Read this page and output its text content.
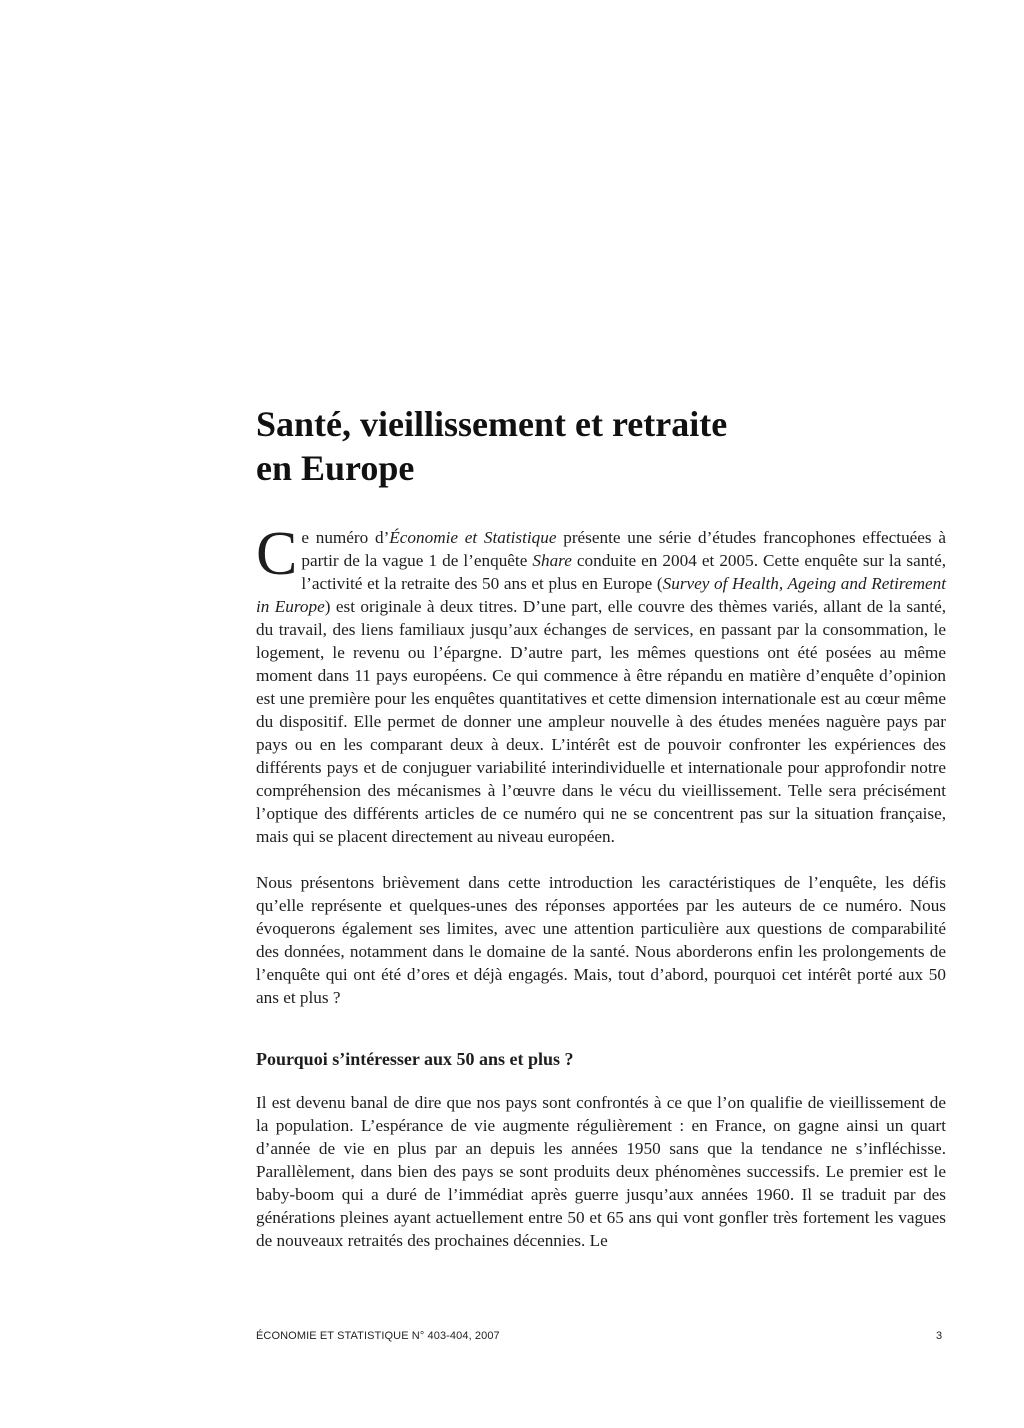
Santé, vieillissement et retraite
en Europe

Ce numéro d’Économie et Statistique présente une série d’études francophones effectuées à partir de la vague 1 de l’enquête Share conduite en 2004 et 2005. Cette enquête sur la santé, l’activité et la retraite des 50 ans et plus en Europe (Survey of Health, Ageing and Retirement in Europe) est originale à deux titres. D’une part, elle couvre des thèmes variés, allant de la santé, du travail, des liens familiaux jusqu’aux échanges de services, en passant par la consommation, le logement, le revenu ou l’épargne. D’autre part, les mêmes questions ont été posées au même moment dans 11 pays européens. Ce qui commence à être répandu en matière d’enquête d’opinion est une première pour les enquêtes quantitatives et cette dimension internationale est au cœur même du dispositif. Elle permet de donner une ampleur nouvelle à des études menées naguère pays par pays ou en les comparant deux à deux. L’intérêt est de pouvoir confronter les expériences des différents pays et de conjuguer variabilité interindividuelle et internationale pour approfondir notre compréhension des mécanismes à l’œuvre dans le vécu du vieillissement. Telle sera précisément l’optique des différents articles de ce numéro qui ne se concentrent pas sur la situation française, mais qui se placent directement au niveau européen.

Nous présentons brièvement dans cette introduction les caractéristiques de l’enquête, les défis qu’elle représente et quelques-unes des réponses apportées par les auteurs de ce numéro. Nous évoquerons également ses limites, avec une attention particulière aux questions de comparabilité des données, notamment dans le domaine de la santé. Nous aborderons enfin les prolongements de l’enquête qui ont été d’ores et déjà engagés. Mais, tout d’abord, pourquoi cet intérêt porté aux 50 ans et plus ?

Pourquoi s’intéresser aux 50 ans et plus ?

Il est devenu banal de dire que nos pays sont confrontés à ce que l’on qualifie de vieillissement de la population. L’espérance de vie augmente régulièrement : en France, on gagne ainsi un quart d’année de vie en plus par an depuis les années 1950 sans que la tendance ne s’infléchisse. Parallèlement, dans bien des pays se sont produits deux phénomènes successifs. Le premier est le baby-boom qui a duré de l’immédiat après guerre jusqu’aux années 1960. Il se traduit par des générations pleines ayant actuellement entre 50 et 65 ans qui vont gonfler très fortement les vagues de nouveaux retraités des prochaines décennies. Le

ÉCONOMIE ET STATISTIQUE N° 403-404, 2007	3
